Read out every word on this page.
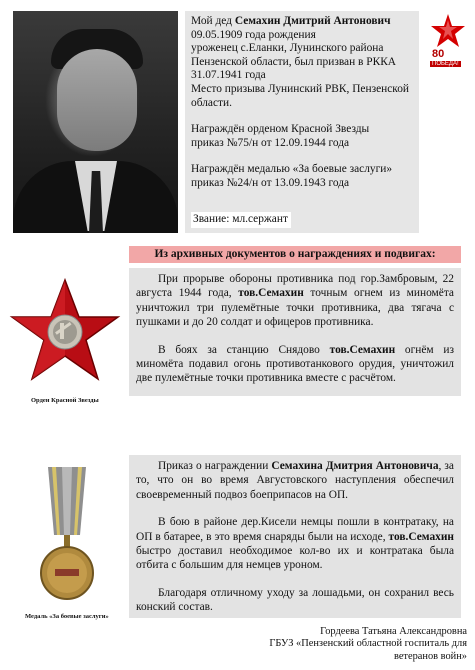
Мой дед Семахин Дмитрий Антонович

09.05.1909 года рождения

уроженец с.Еланки, Лунинского района Пензенской области, был призван в РККА 31.07.1941 года

Место призыва Лунинский РВК, Пензенской области.

Награждён орденом Красной Звезды

приказ №75/н от 12.09.1944 года

Награждён медалью «За боевые заслуги»

приказ №24/н от 13.09.1943 года

Звание: мл.сержант
80
ПОБЕДА!
Из архивных документов о награждениях и подвигах:
Орден Красной Звезды

При прорыве обороны противника под гор.Замбровым, 22 августа 1944 года, тов.Семахин точным огнем из миномёта уничтожил три пулемётные точки противника, два тягача с пушками и до 20 солдат и офицеров противника.

В боях за станцию Снядово тов.Семахин огнём из миномёта подавил огонь противотанкового орудия, уничтожил две пулемётные точки противника вместе с расчётом.

Медаль «За боевые заслуги»

Приказ о награждении Семахина Дмитрия Антоновича, за то, что он во время Августовского наступления обеспечил своевременный подвоз боеприпасов на ОП.

В бою в районе дер.Кисели немцы пошли в контратаку, на ОП в батарее, в это время снаряды были на исходе, тов.Семахин быстро доставил необходимое кол-во их и контратака была отбита с большим для немцев уроном.

Благодаря отличному уходу за лошадьми, он сохранил весь конский состав.

Гордеева Татьяна Александровна
ГБУЗ «Пензенский областной госпиталь для ветеранов войн»
